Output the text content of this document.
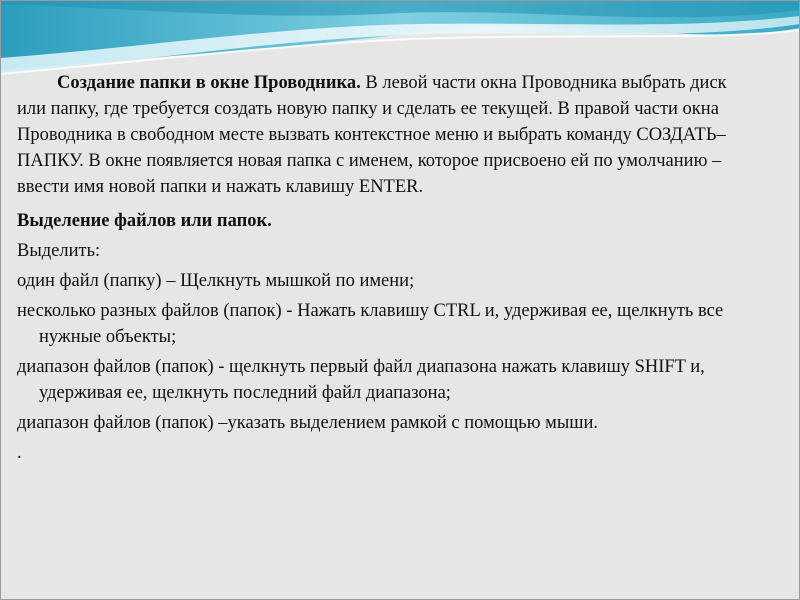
Создание папки в окне Проводника. В левой части окна Проводника выбрать диск или папку, где требуется создать новую папку и сделать ее текущей. В правой части окна Проводника в свободном месте вызвать контекстное меню и выбрать команду СОЗДАТЬ– ПАПКУ. В окне появляется новая папка с именем, которое присвоено ей по умолчанию – ввести имя новой папки и нажать клавишу ENTER.

Выделение файлов или папок.

Выделить:

один файл (папку) – Щелкнуть мышкой по имени;

несколько разных файлов (папок) - Нажать клавишу CTRL и, удерживая ее, щелкнуть все нужные объекты;

диапазон файлов (папок) - щелкнуть первый файл диапазона нажать клавишу SHIFT и, удерживая ее, щелкнуть последний файл диапазона;

диапазон файлов (папок) –указать выделением рамкой с помощью мыши.

.
